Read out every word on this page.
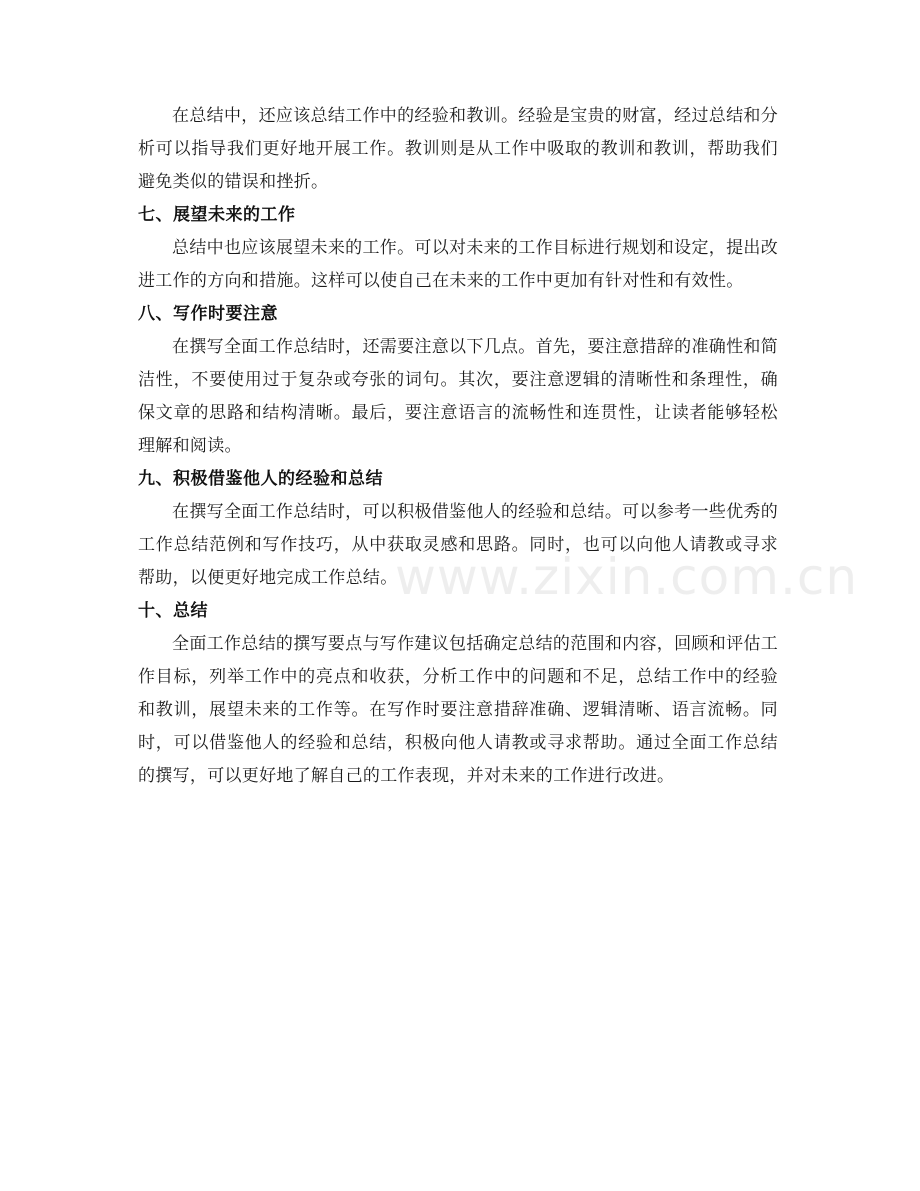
在总结中，还应该总结工作中的经验和教训。经验是宝贵的财富，经过总结和分析可以指导我们更好地开展工作。教训则是从工作中吸取的教训和教训，帮助我们避免类似的错误和挫折。

七、展望未来的工作

总结中也应该展望未来的工作。可以对未来的工作目标进行规划和设定，提出改进工作的方向和措施。这样可以使自己在未来的工作中更加有针对性和有效性。

八、写作时要注意

在撰写全面工作总结时，还需要注意以下几点。首先，要注意措辞的准确性和简洁性，不要使用过于复杂或夸张的词句。其次，要注意逻辑的清晰性和条理性，确保文章的思路和结构清晰。最后，要注意语言的流畅性和连贯性，让读者能够轻松理解和阅读。

九、积极借鉴他人的经验和总结

在撰写全面工作总结时，可以积极借鉴他人的经验和总结。可以参考一些优秀的工作总结范例和写作技巧，从中获取灵感和思路。同时，也可以向他人请教或寻求帮助，以便更好地完成工作总结。

十、总结

全面工作总结的撰写要点与写作建议包括确定总结的范围和内容，回顾和评估工作目标，列举工作中的亮点和收获，分析工作中的问题和不足，总结工作中的经验和教训，展望未来的工作等。在写作时要注意措辞准确、逻辑清晰、语言流畅。同时，可以借鉴他人的经验和总结，积极向他人请教或寻求帮助。通过全面工作总结的撰写，可以更好地了解自己的工作表现，并对未来的工作进行改进。

www.zixin.com.cn
